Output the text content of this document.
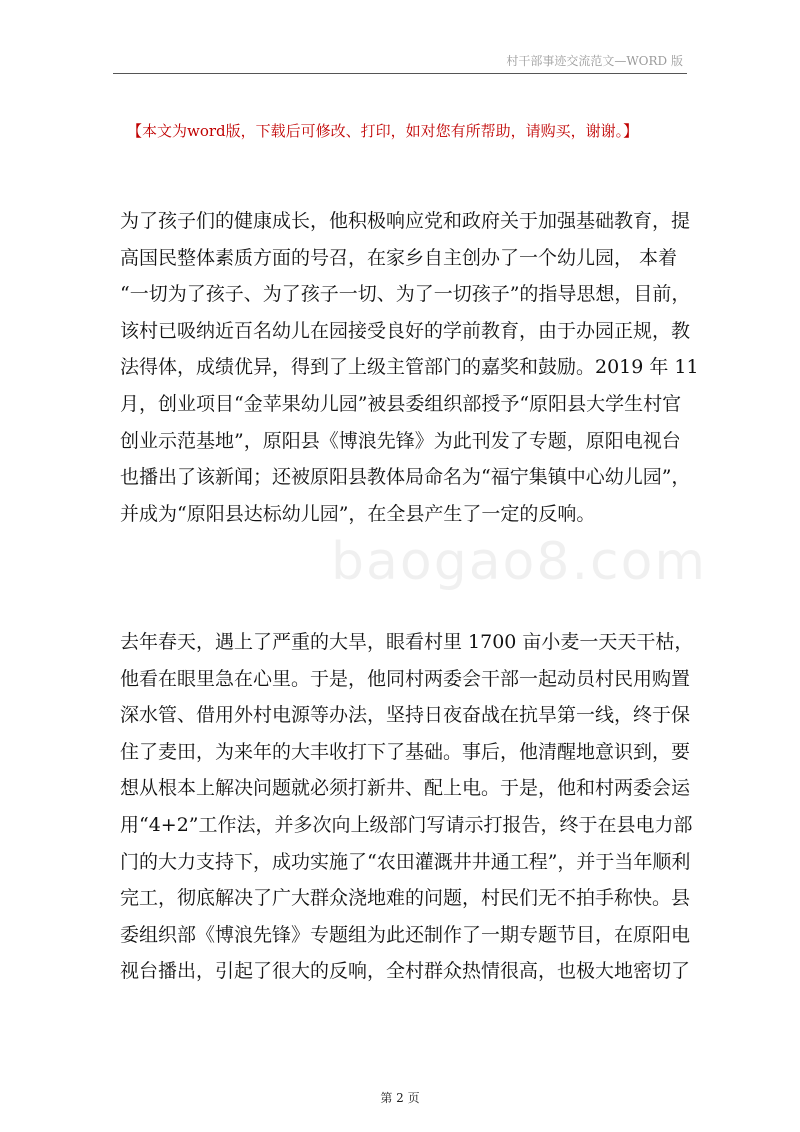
村干部事迹交流范文—WORD 版
【本文为word版，下载后可修改、打印，如对您有所帮助，请购买，谢谢。】
为了孩子们的健康成长，他积极响应党和政府关于加强基础教育，提
高国民整体素质方面的号召，在家乡自主创办了一个幼儿园， 本着
“一切为了孩子、为了孩子一切、为了一切孩子”的指导思想，目前，
该村已吸纳近百名幼儿在园接受良好的学前教育，由于办园正规，教
法得体，成绩优异，得到了上级主管部门的嘉奖和鼓励。2019 年 11
月，创业项目“金苹果幼儿园”被县委组织部授予“原阳县大学生村官
创业示范基地”，原阳县《博浪先锋》为此刊发了专题，原阳电视台
也播出了该新闻；还被原阳县教体局命名为“福宁集镇中心幼儿园”，
并成为“原阳县达标幼儿园”，在全县产生了一定的反响。
baogao8.com
去年春天，遇上了严重的大旱，眼看村里 1700 亩小麦一天天干枯，
他看在眼里急在心里。于是，他同村两委会干部一起动员村民用购置
深水管、借用外村电源等办法，坚持日夜奋战在抗旱第一线，终于保
住了麦田，为来年的大丰收打下了基础。事后，他清醒地意识到，要
想从根本上解决问题就必须打新井、配上电。于是，他和村两委会运
用“4+2”工作法，并多次向上级部门写请示打报告，终于在县电力部
门的大力支持下，成功实施了“农田灌溉井井通工程”，并于当年顺利
完工，彻底解决了广大群众浇地难的问题，村民们无不拍手称快。县
委组织部《博浪先锋》专题组为此还制作了一期专题节目，在原阳电
视台播出，引起了很大的反响，全村群众热情很高，也极大地密切了
第 2 页
